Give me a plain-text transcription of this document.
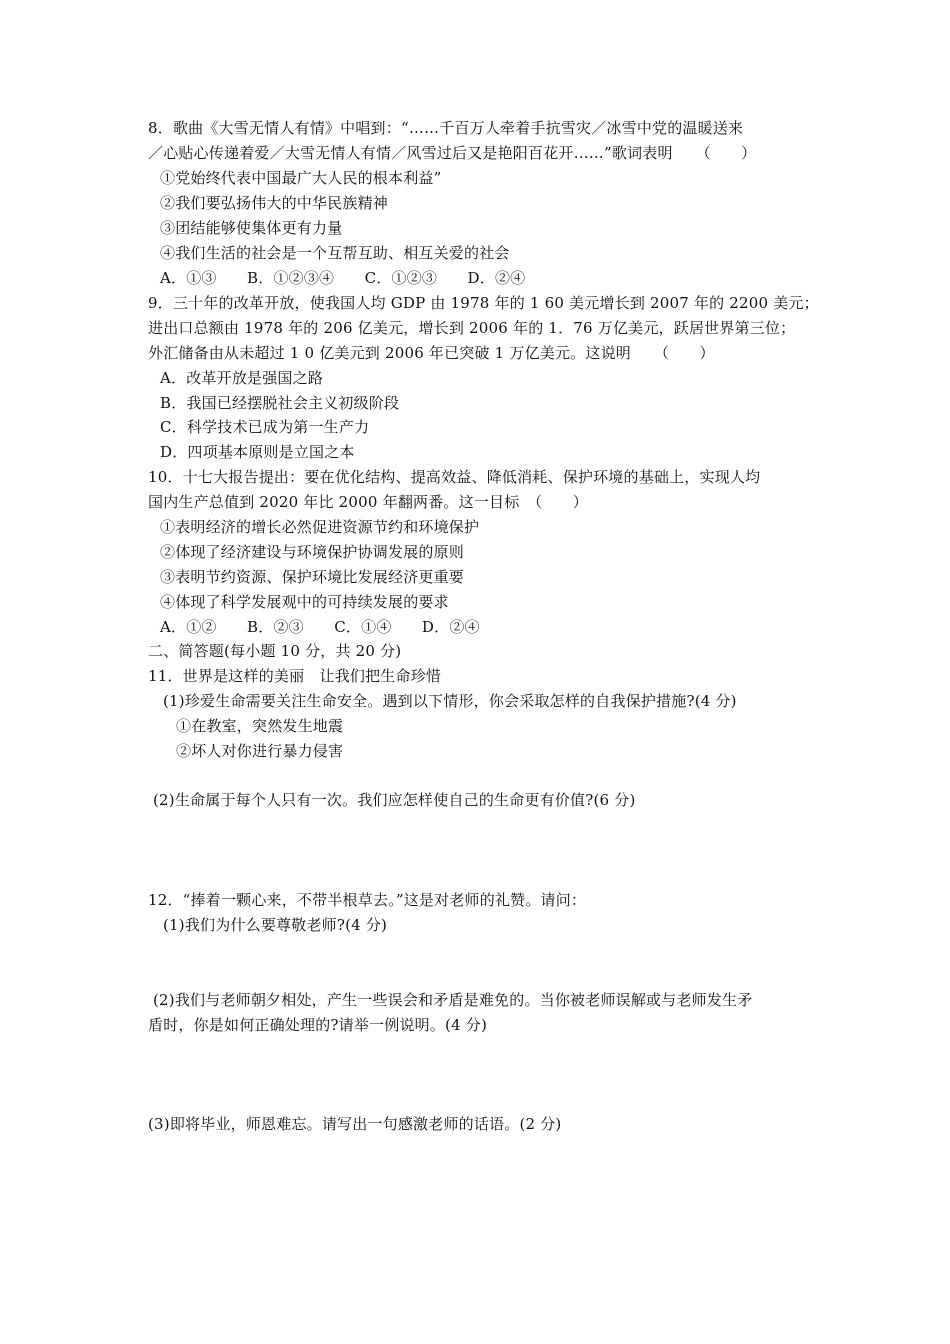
8．歌曲《大雪无情人有情》中唱到：“……千百万人牵着手抗雪灾／冰雪中党的温暖送来
／心贴心传递着爱／大雪无情人有情／风雪过后又是艳阳百花开……”歌词表明　　（　　）
①党始终代表中国最广大人民的根本利益”
②我们要弘扬伟大的中华民族精神
③团结能够使集体更有力量
④我们生活的社会是一个互帮互助、相互关爱的社会
A．①③　　B．①②③④　　C．①②③　　D．②④
9．三十年的改革开放，使我国人均 GDP 由 1978 年的 1 60 美元增长到 2007 年的 2200 美元；
进出口总额由 1978 年的 206 亿美元，增长到 2006 年的 1．76 万亿美元，跃居世界第三位；
外汇储备由从未超过 1 0 亿美元到 2006 年已突破 1 万亿美元。这说明　　（　　）
A．改革开放是强国之路
B．我国已经摆脱社会主义初级阶段
C．科学技术已成为第一生产力
D．四项基本原则是立国之本
10．十七大报告提出：要在优化结构、提高效益、降低消耗、保护环境的基础上，实现人均
国内生产总值到 2020 年比 2000 年翻两番。这一目标　（　　）
①表明经济的增长必然促进资源节约和环境保护
②体现了经济建设与环境保护协调发展的原则
③表明节约资源、保护环境比发展经济更重要
④体现了科学发展观中的可持续发展的要求
A．①②　　B．②③　　C．①④　　D．②④
二、简答题(每小题 10 分，共 20 分)
11．世界是这样的美丽　让我们把生命珍惜
(1)珍爱生命需要关注生命安全。遇到以下情形，你会采取怎样的自我保护措施?(4 分)
①在教室，突然发生地震
②坏人对你进行暴力侵害
(2)生命属于每个人只有一次。我们应怎样使自己的生命更有价值?(6 分)
12．“捧着一颗心来，不带半根草去。”这是对老师的礼赞。请问：
(1)我们为什么要尊敬老师?(4 分)
(2)我们与老师朝夕相处，产生一些误会和矛盾是难免的。当你被老师误解或与老师发生矛
盾时，你是如何正确处理的?请举一例说明。(4 分)
(3)即将毕业，师恩难忘。请写出一句感激老师的话语。(2 分)
